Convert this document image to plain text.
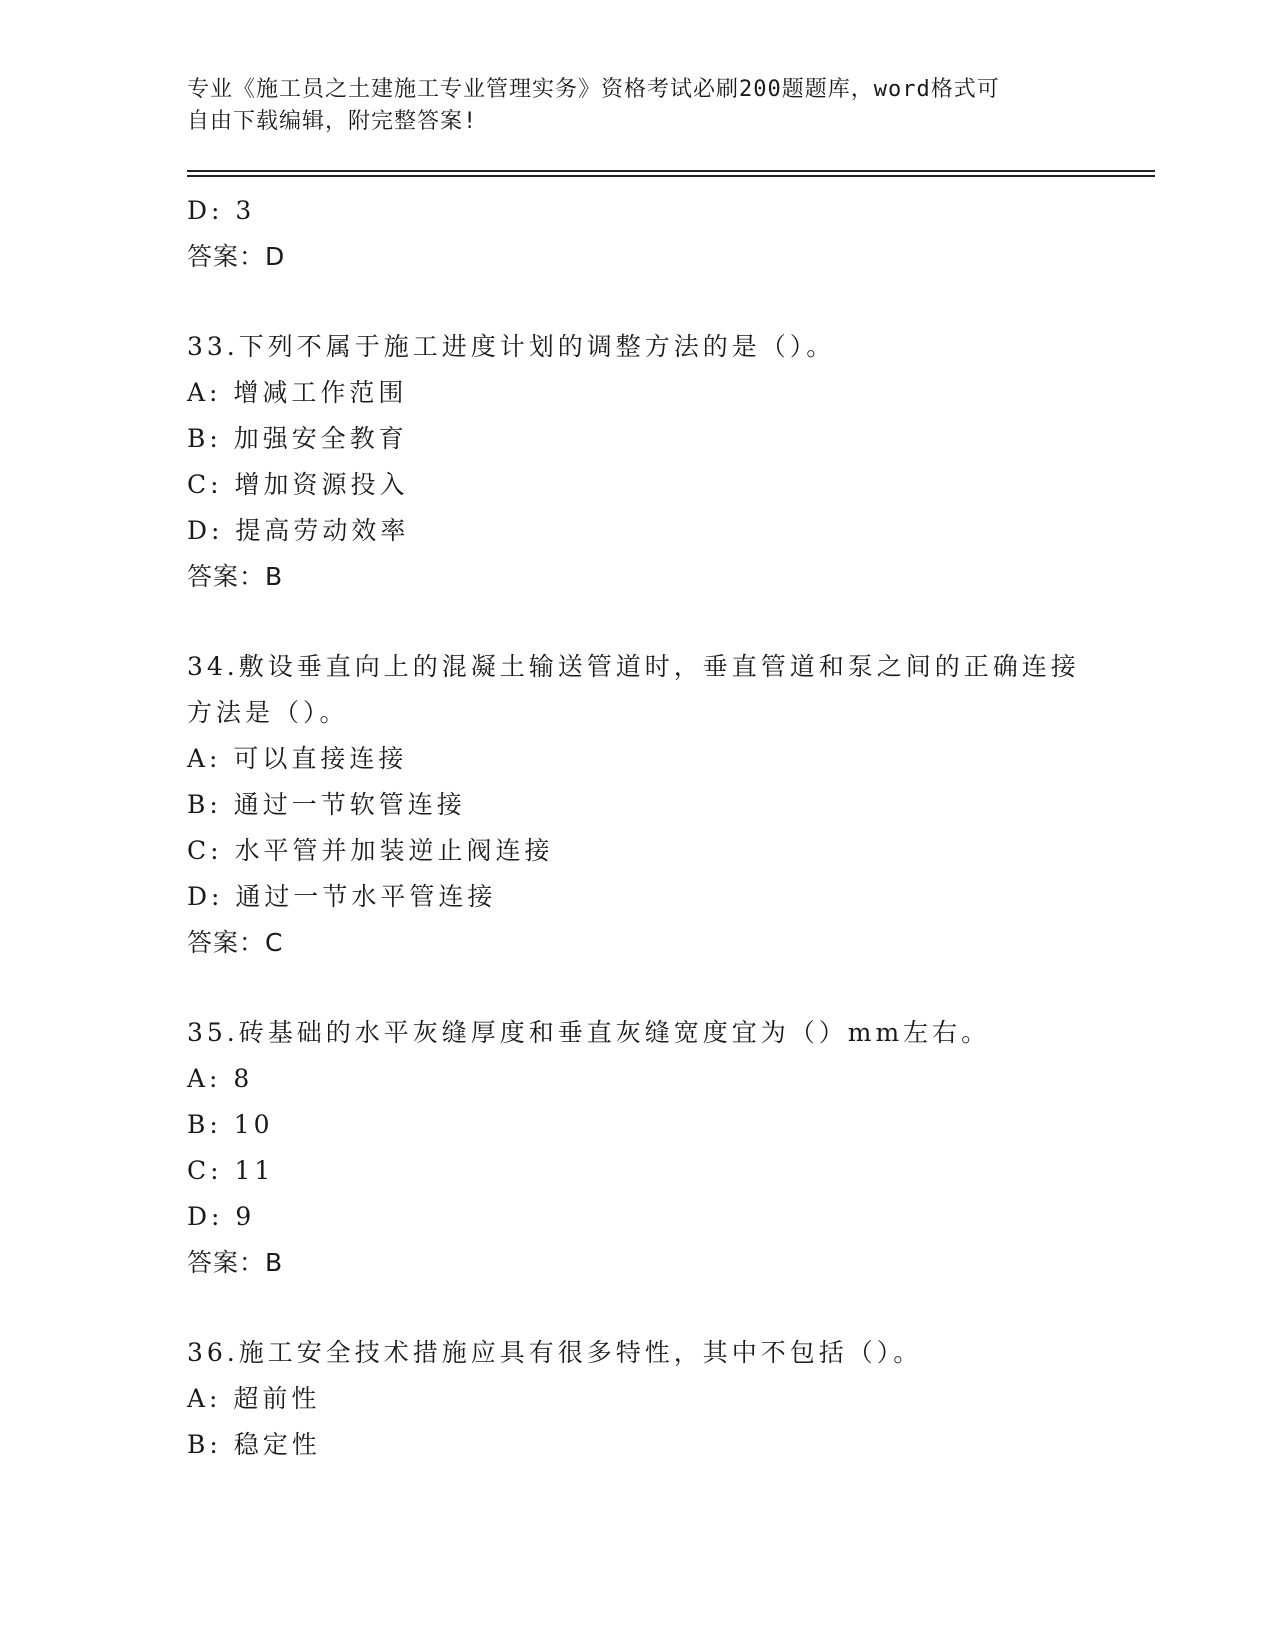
专业《施工员之土建施工专业管理实务》资格考试必刷200题题库，word格式可
自由下载编辑，附完整答案!
D: 3
答案：D
33.下列不属于施工进度计划的调整方法的是（）。
A: 增减工作范围
B: 加强安全教育
C: 增加资源投入
D: 提高劳动效率
答案：B
34.敷设垂直向上的混凝土输送管道时，垂直管道和泵之间的正确连接
方法是（）。
A: 可以直接连接
B: 通过一节软管连接
C: 水平管并加装逆止阀连接
D: 通过一节水平管连接
答案：C
35.砖基础的水平灰缝厚度和垂直灰缝宽度宜为（）mm左右。
A: 8
B: 10
C: 11
D: 9
答案：B
36.施工安全技术措施应具有很多特性，其中不包括（）。
A: 超前性
B: 稳定性
